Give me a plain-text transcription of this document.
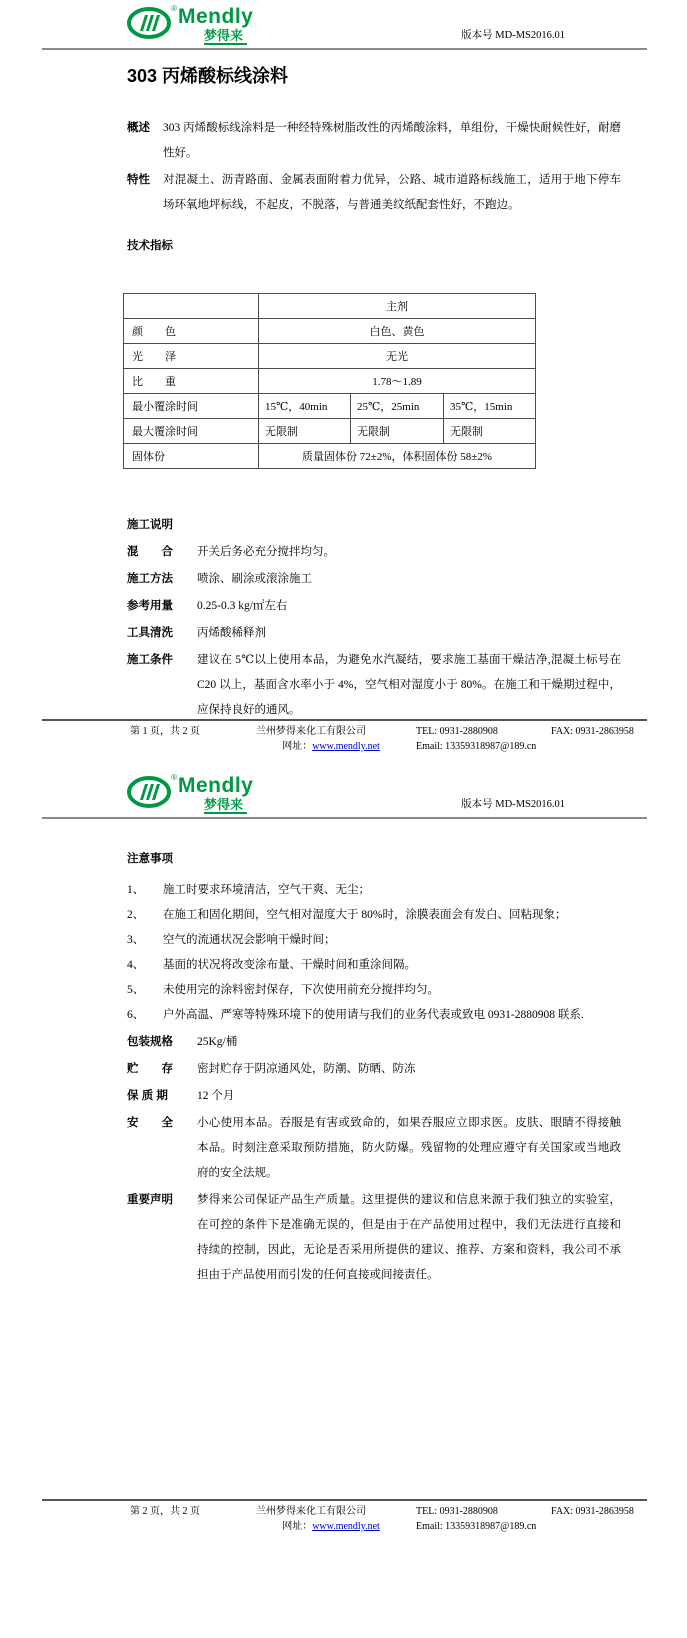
® Mendly
梦得来	版本号 MD-MS2016.01
303 丙烯酸标线涂料
概述	303 丙烯酸标线涂料是一种经特殊树脂改性的丙烯酸涂料，单组份，干燥快耐候性好，耐磨性好。
特性	对混凝土、沥青路面、金属表面附着力优异，公路、城市道路标线施工，适用于地下停车场环氧地坪标线，不起皮，不脱落，与普通美纹纸配套性好，不跑边。
技术指标
	主剂		
颜　　色	白色、黄色		
光　　泽	无光		
比　　重	1.78～1.89		
最小覆涂时间	15℃，40min	25℃，25min	35℃，15min
最大覆涂时间	无限制	无限制	无限制
固体份	质量固体份 72±2%，体积固体份 58±2%		
施工说明
混　　合	开关后务必充分搅拌均匀。
施工方法	喷涂、刷涂或滚涂施工
参考用量	0.25-0.3 kg/㎡左右
工具清洗	丙烯酸稀释剂
施工条件	建议在 5℃以上使用本品，为避免水汽凝结，要求施工基面干燥洁净,混凝土标号在 C20 以上，基面含水率小于 4%，空气相对湿度小于 80%。在施工和干燥期过程中，应保持良好的通风。
第 1 页，共 2 页	兰州梦得来化工有限公司	TEL: 0931-2880908	FAX: 0931-2863958
网址：www.mendly.net	Email: 13359318987@189.cn
® Mendly
梦得来	版本号 MD-MS2016.01
注意事项
1、	施工时要求环境清洁，空气干爽、无尘；
2、	在施工和固化期间，空气相对湿度大于 80%时，涂膜表面会有发白、回粘现象；
3、	空气的流通状况会影响干燥时间；
4、	基面的状况将改变涂布量、干燥时间和重涂间隔。
5、	未使用完的涂料密封保存，下次使用前充分搅拌均匀。
6、	户外高温、严寒等特殊环境下的使用请与我们的业务代表或致电 0931-2880908 联系.
包装规格	25Kg/桶
贮　　存	密封贮存于阴凉通风处，防潮、防晒、防冻
保 质 期	12 个月
安　　全	小心使用本品。吞服是有害或致命的，如果吞服应立即求医。皮肤、眼睛不得接触本品。时刻注意采取预防措施，防火防爆。残留物的处理应遵守有关国家或当地政府的安全法规。
重要声明	梦得来公司保证产品生产质量。这里提供的建议和信息来源于我们独立的实验室，在可控的条件下是准确无误的，但是由于在产品使用过程中，我们无法进行直接和持续的控制，因此，无论是否采用所提供的建议、推荐、方案和资料，我公司不承担由于产品使用而引发的任何直接或间接责任。
第 2 页，共 2 页	兰州梦得来化工有限公司	TEL: 0931-2880908	FAX: 0931-2863958
网址：www.mendly.net	Email: 13359318987@189.cn
